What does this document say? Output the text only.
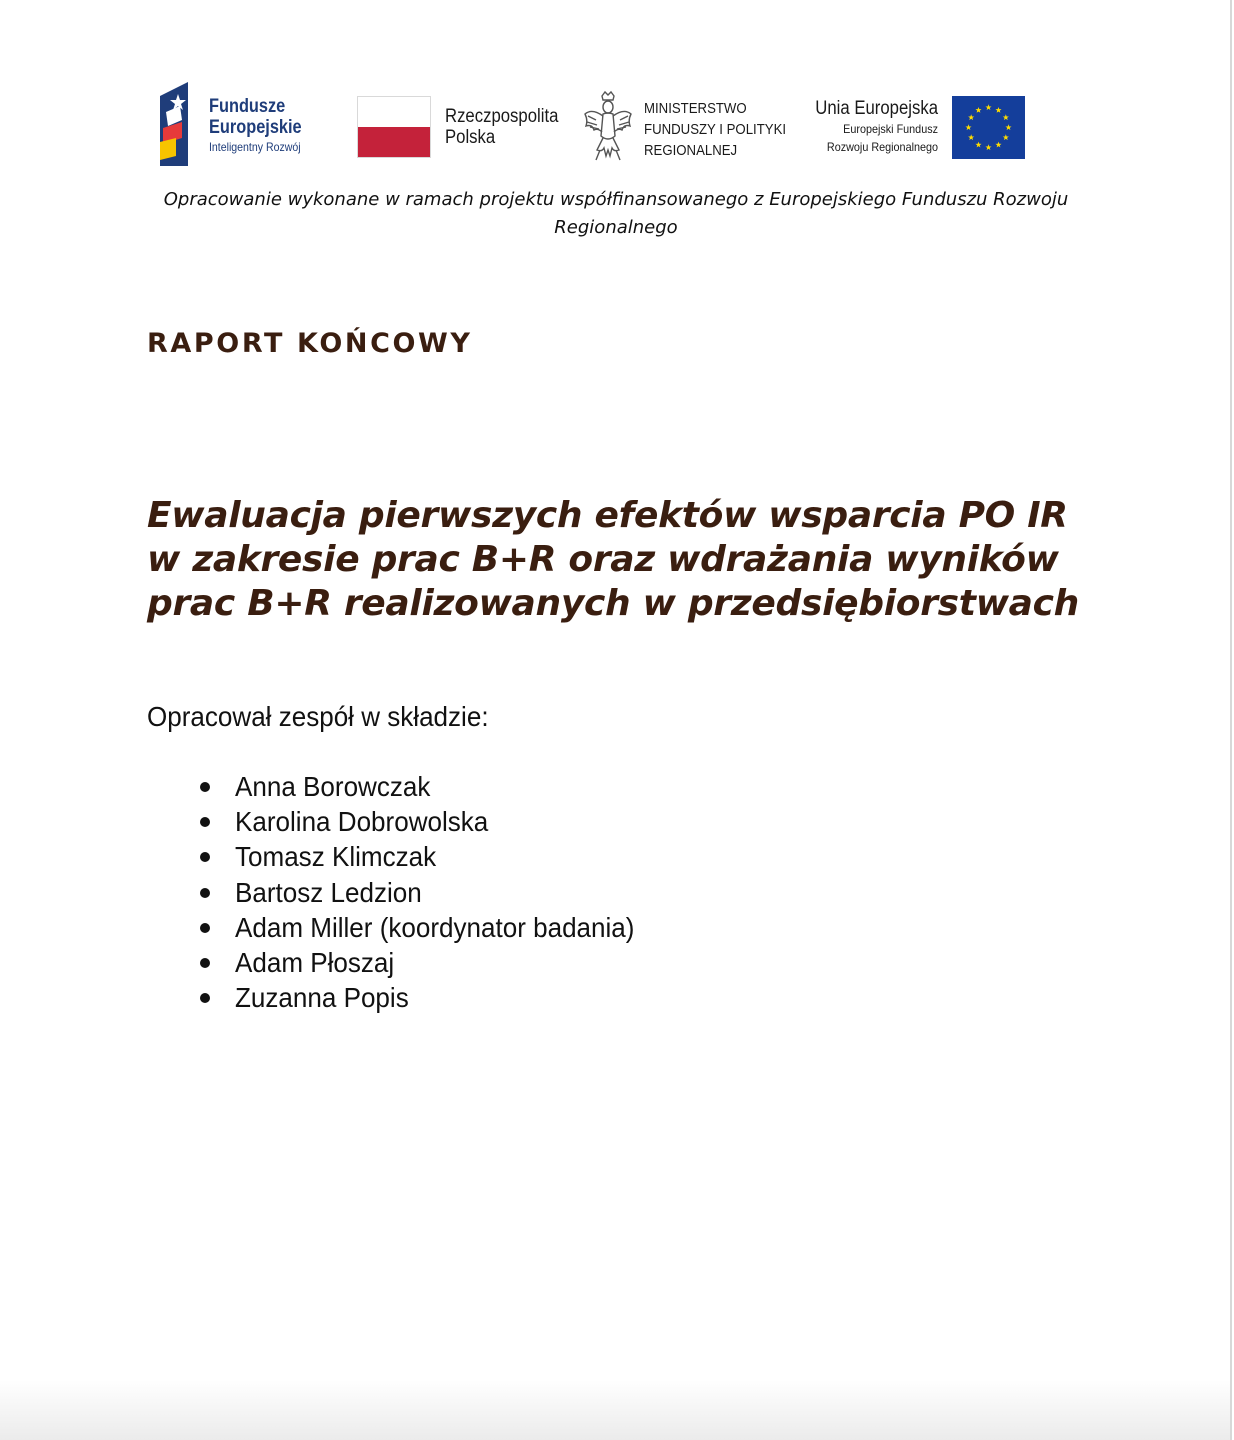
Fundusze
Europejskie
Inteligentny Rozwój
Rzeczpospolita
Polska
MINISTERSTWO
FUNDUSZY I POLITYKI
REGIONALNEJ
Unia Europejska
Europejski Fundusz
Rozwoju Regionalnego
Opracowanie wykonane w ramach projektu współfinansowanego z Europejskiego Funduszu Rozwoju Regionalnego
RAPORT KOŃCOWY
Ewaluacja pierwszych efektów wsparcia PO IR w zakresie prac B+R oraz wdrażania wyników prac B+R realizowanych w przedsiębiorstwach
Opracował zespół w składzie:
Anna Borowczak
Karolina Dobrowolska
Tomasz Klimczak
Bartosz Ledzion
Adam Miller (koordynator badania)
Adam Płoszaj
Zuzanna Popis
